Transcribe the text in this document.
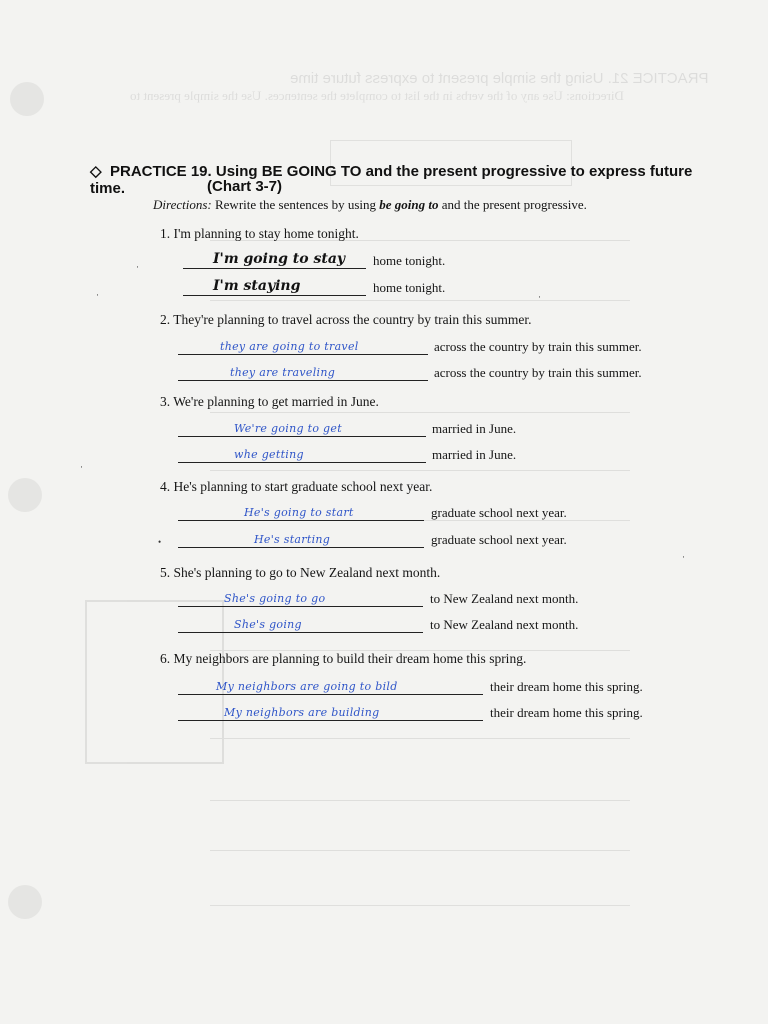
PRACTICE 21. Using the simple present to express future time
Directions: Use any of the verbs in the list to complete the sentences. Use the simple present to
◇ PRACTICE 19. Using BE GOING TO and the present progressive to express future time.	(Chart 3-7)
Directions: Rewrite the sentences by using be going to and the present progressive.
1. I'm planning to stay home tonight.
I'm going to stay home tonight.
I'm staying	home tonight.
2. They're planning to travel across the country by train this summer.
they are going to travel	across the country by train this summer.
they are traveling	across the country by train this summer.
3. We're planning to get married in June.
We're going to get	married in June.
whe getting	married in June.
4. He's planning to start graduate school next year.
He's going to start	graduate school next year.
He's starting	graduate school next year.
5. She's planning to go to New Zealand next month.
She's going to go	to New Zealand next month.
She's going	to New Zealand next month.
6. My neighbors are planning to build their dream home this spring.
My neighbors are going to bild	their dream home this spring.
My neighbors are building	their dream home this spring.
·
·
·
•
·
·
